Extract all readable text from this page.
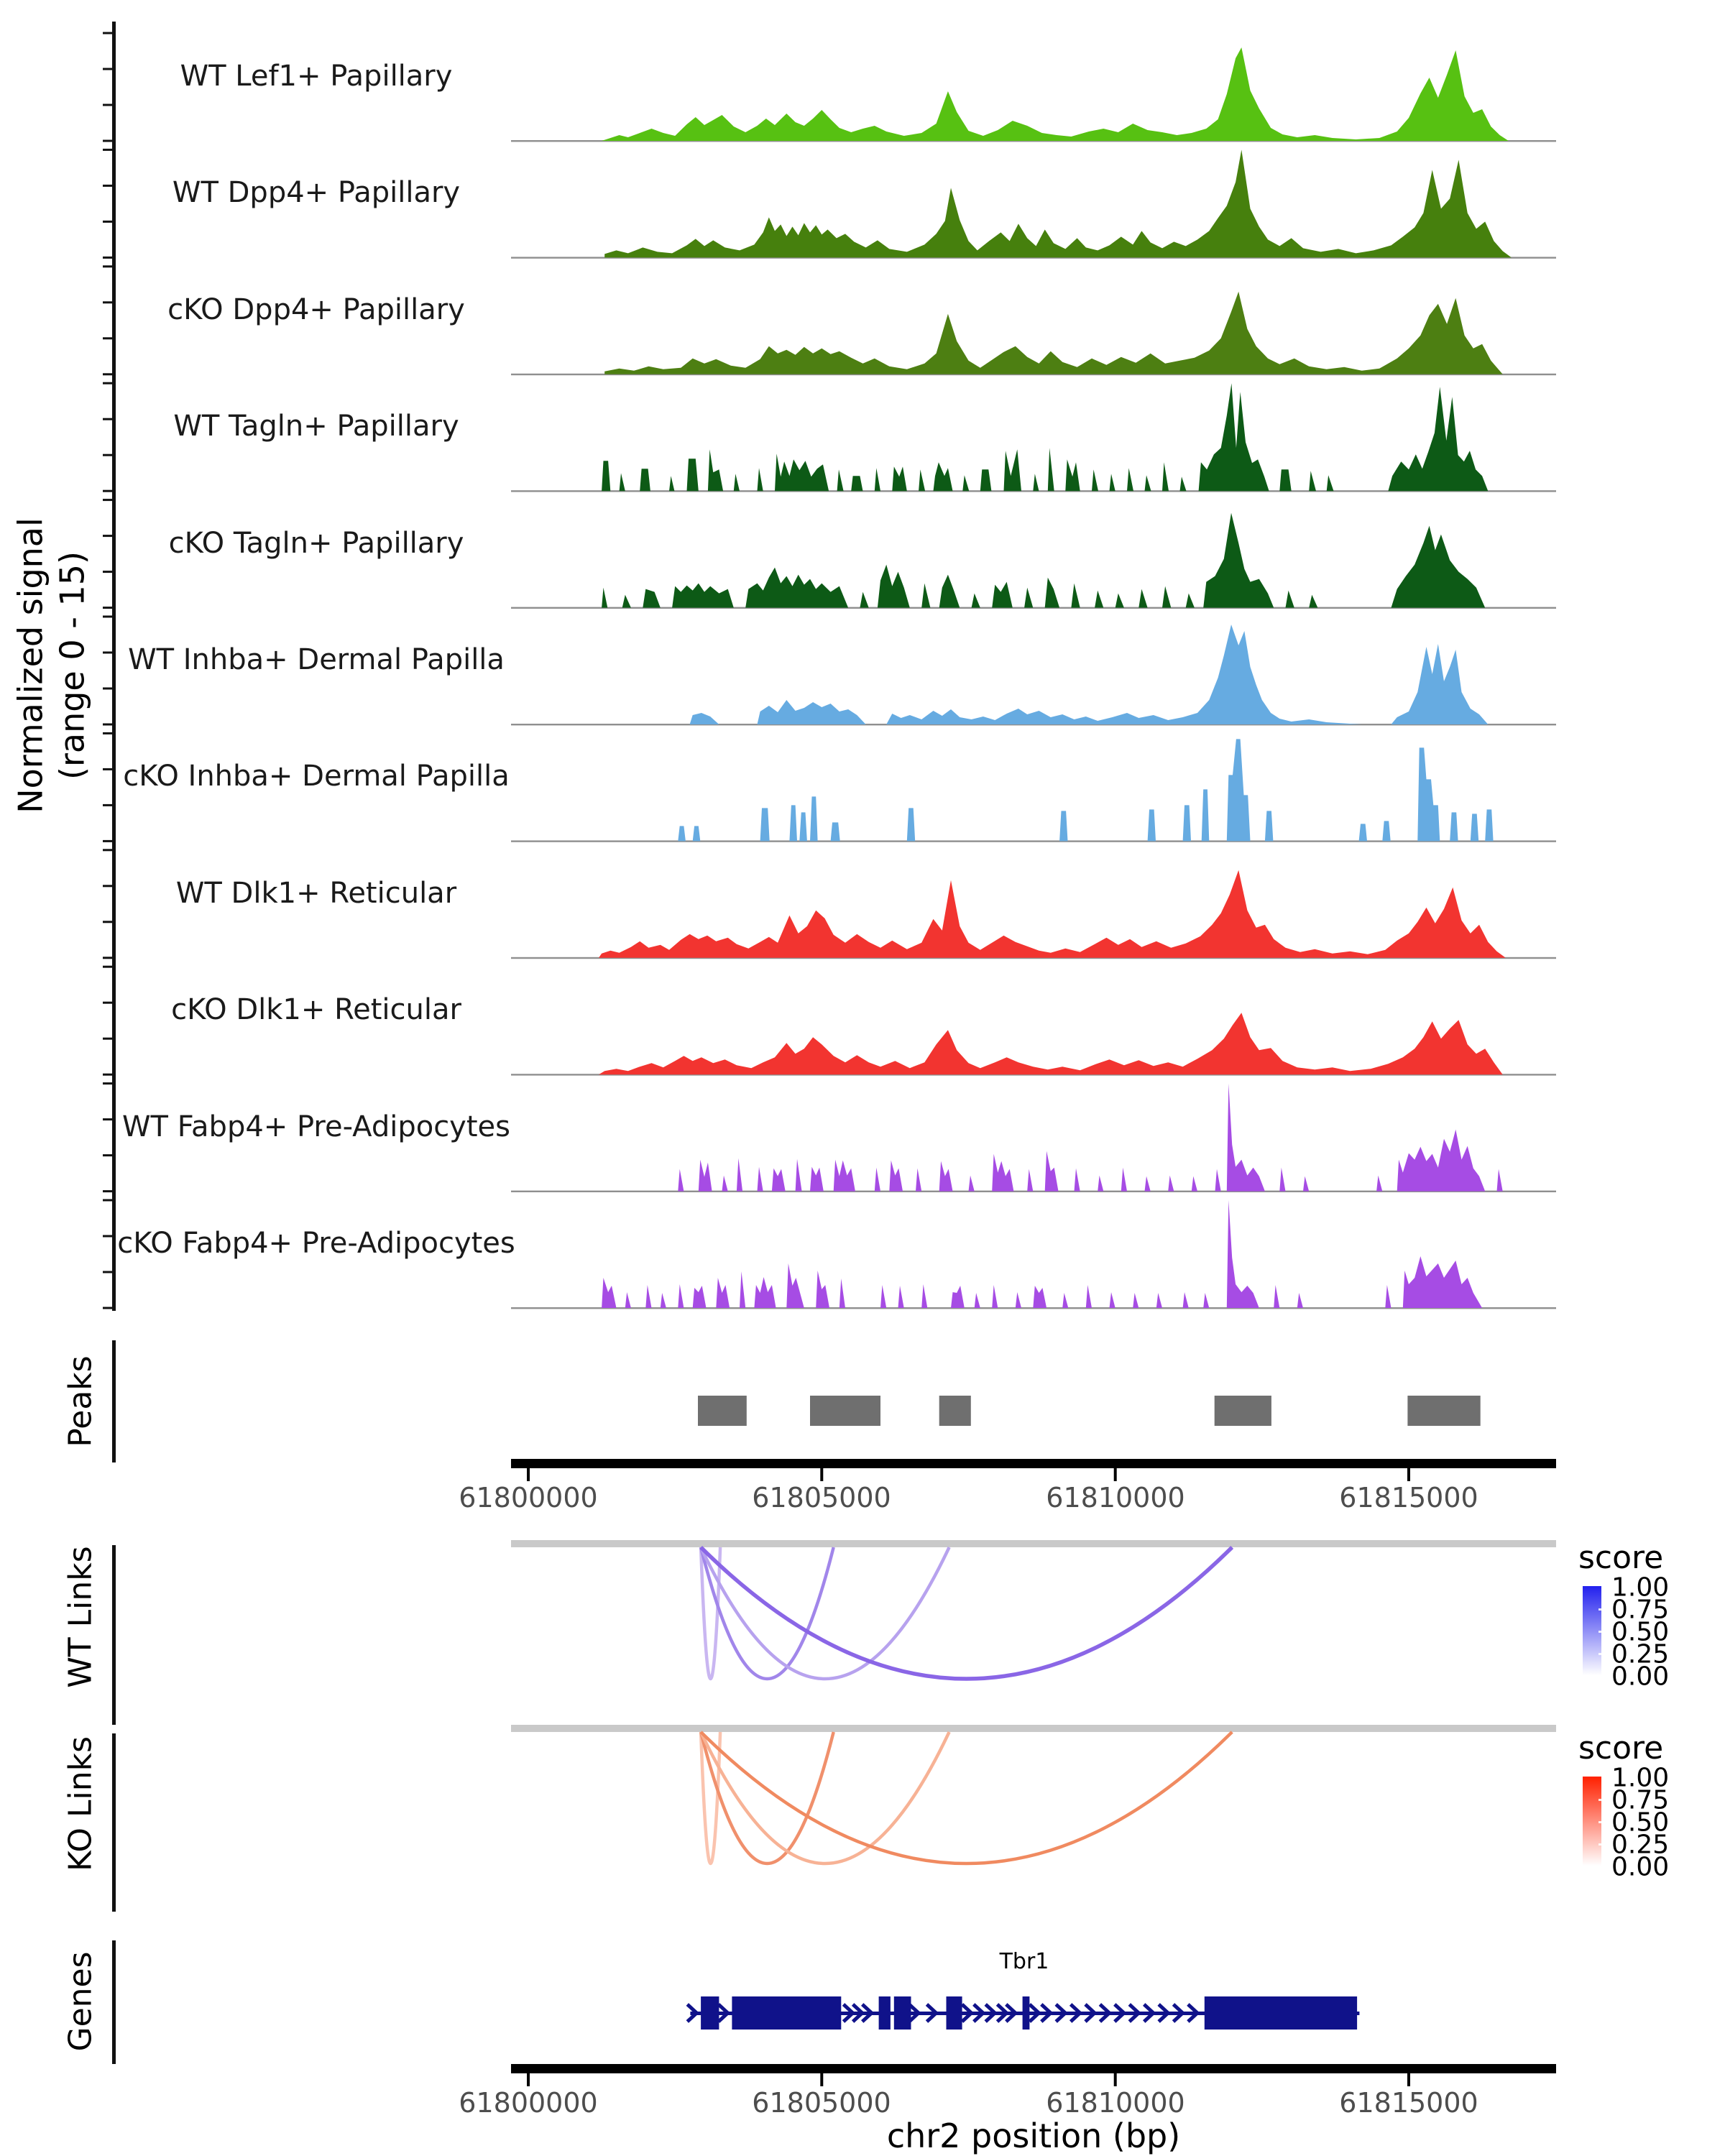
Normalized signal (range 0 - 15)
Peaks
WT Links
KO Links
Genes
score
1.00
0.75
0.50
0.25
0.00
score
1.00
0.75
0.50
0.25
0.00
Tbr1
chr2 position (bp)
WT Lef1+ Papillary
WT Dpp4+ Papillary
cKO Dpp4+ Papillary
WT Tagln+ Papillary
cKO Tagln+ Papillary
WT Inhba+ Dermal Papilla
cKO Inhba+ Dermal Papilla
WT Dlk1+ Reticular
cKO Dlk1+ Reticular
WT Fabp4+ Pre-Adipocytes
cKO Fabp4+ Pre-Adipocytes
61800000	61805000	61810000	61815000
61800000	61805000	61810000	61815000
